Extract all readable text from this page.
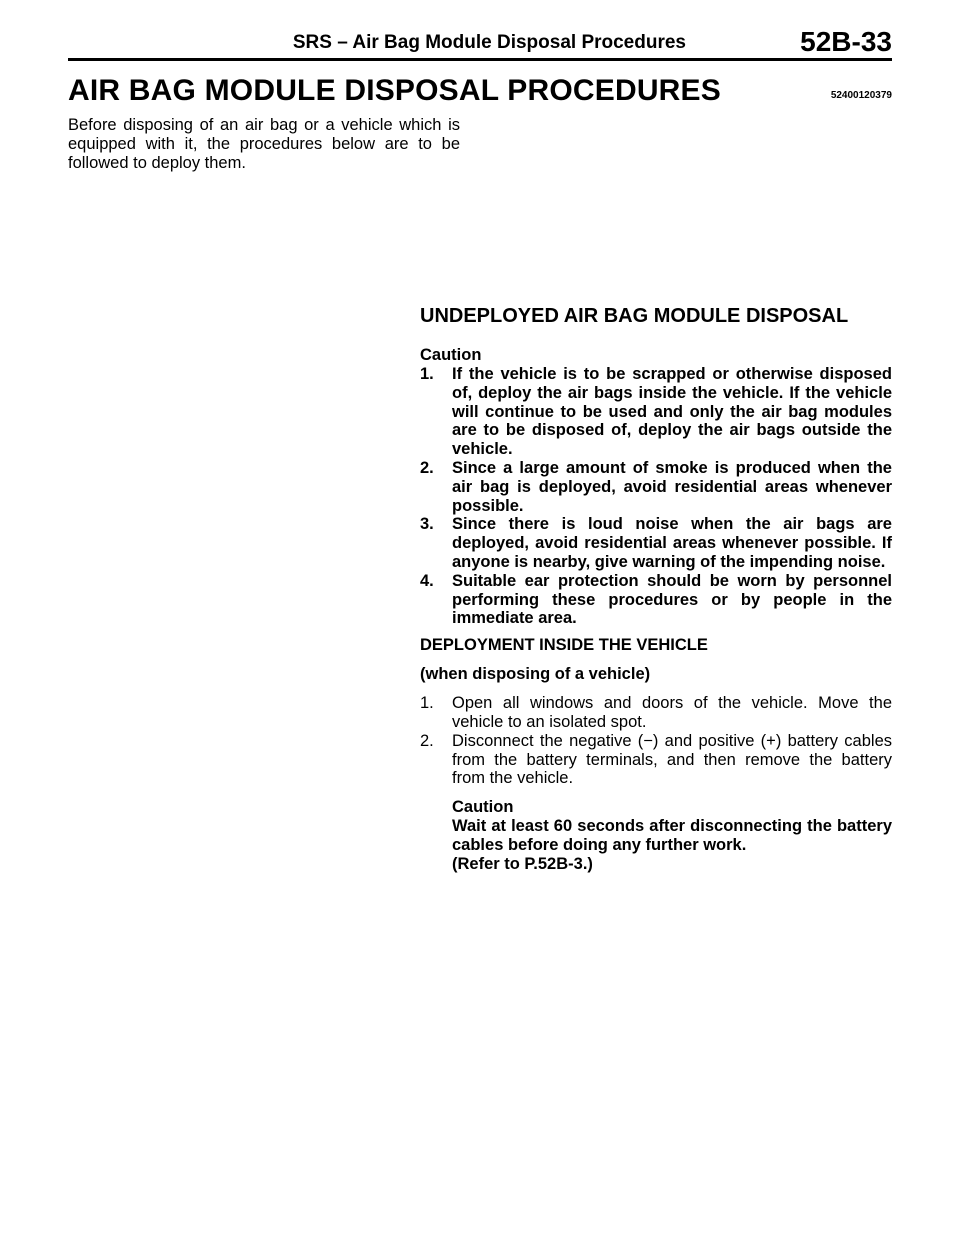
SRS – Air Bag Module Disposal Procedures	52B-33
AIR BAG MODULE DISPOSAL PROCEDURES	52400120379
Before disposing of an air bag or a vehicle which is equipped with it, the procedures below are to be followed to deploy them.
UNDEPLOYED AIR BAG MODULE DISPOSAL
Caution
1. If the vehicle is to be scrapped or otherwise disposed of, deploy the air bags inside the vehicle. If the vehicle will continue to be used and only the air bag modules are to be disposed of, deploy the air bags outside the vehicle.
2. Since a large amount of smoke is produced when the air bag is deployed, avoid residential areas whenever possible.
3. Since there is loud noise when the air bags are deployed, avoid residential areas whenever possible. If anyone is nearby, give warning of the impending noise.
4. Suitable ear protection should be worn by personnel performing these procedures or by people in the immediate area.
DEPLOYMENT INSIDE THE VEHICLE
(when disposing of a vehicle)
1. Open all windows and doors of the vehicle. Move the vehicle to an isolated spot.
2. Disconnect the negative (−) and positive (+) battery cables from the battery terminals, and then remove the battery from the vehicle.
Caution
Wait at least 60 seconds after disconnecting the battery cables before doing any further work.
(Refer to P.52B-3.)
